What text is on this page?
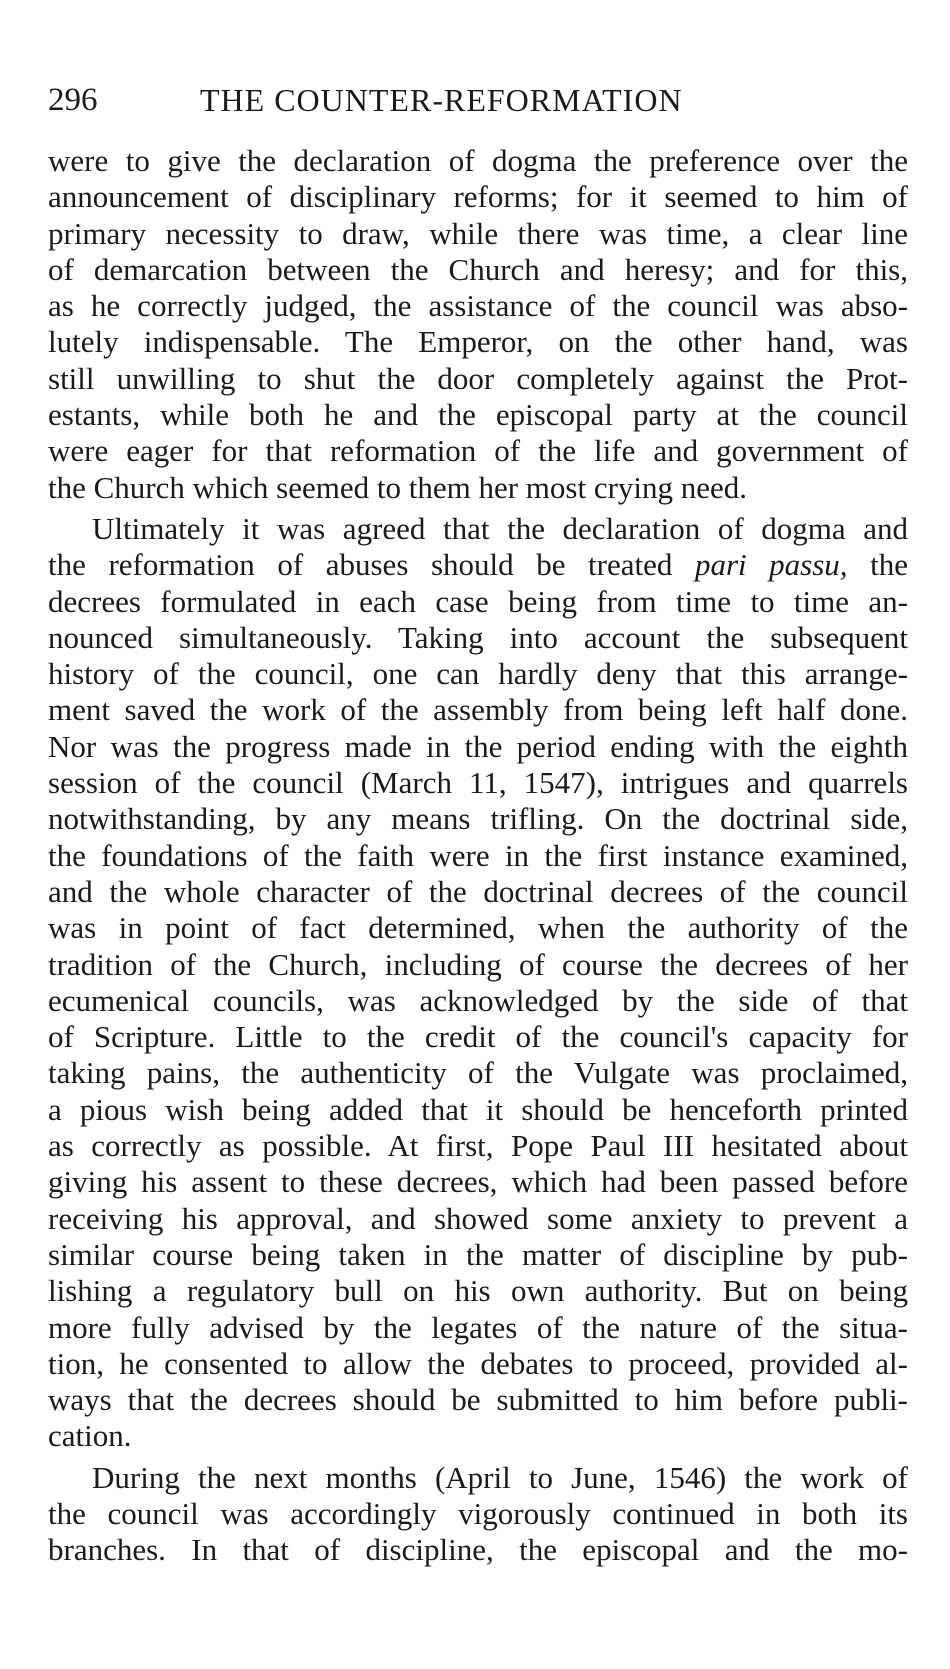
296	THE COUNTER-REFORMATION
were to give the declaration of dogma the preference over the
announcement of disciplinary reforms; for it seemed to him of
primary necessity to draw, while there was time, a clear line
of demarcation between the Church and heresy; and for this,
as he correctly judged, the assistance of the council was abso-
lutely indispensable. The Emperor, on the other hand, was
still unwilling to shut the door completely against the Prot-
estants, while both he and the episcopal party at the council
were eager for that reformation of the life and government of
the Church which seemed to them her most crying need.
Ultimately it was agreed that the declaration of dogma and
the reformation of abuses should be treated pari passu, the
decrees formulated in each case being from time to time an-
nounced simultaneously. Taking into account the subsequent
history of the council, one can hardly deny that this arrange-
ment saved the work of the assembly from being left half done.
Nor was the progress made in the period ending with the eighth
session of the council (March 11, 1547), intrigues and quarrels
notwithstanding, by any means trifling. On the doctrinal side,
the foundations of the faith were in the first instance examined,
and the whole character of the doctrinal decrees of the council
was in point of fact determined, when the authority of the
tradition of the Church, including of course the decrees of her
ecumenical councils, was acknowledged by the side of that
of Scripture. Little to the credit of the council's capacity for
taking pains, the authenticity of the Vulgate was proclaimed,
a pious wish being added that it should be henceforth printed
as correctly as possible. At first, Pope Paul III hesitated about
giving his assent to these decrees, which had been passed before
receiving his approval, and showed some anxiety to prevent a
similar course being taken in the matter of discipline by pub-
lishing a regulatory bull on his own authority. But on being
more fully advised by the legates of the nature of the situa-
tion, he consented to allow the debates to proceed, provided al-
ways that the decrees should be submitted to him before publi-
cation.
During the next months (April to June, 1546) the work of
the council was accordingly vigorously continued in both its
branches. In that of discipline, the episcopal and the mo-
